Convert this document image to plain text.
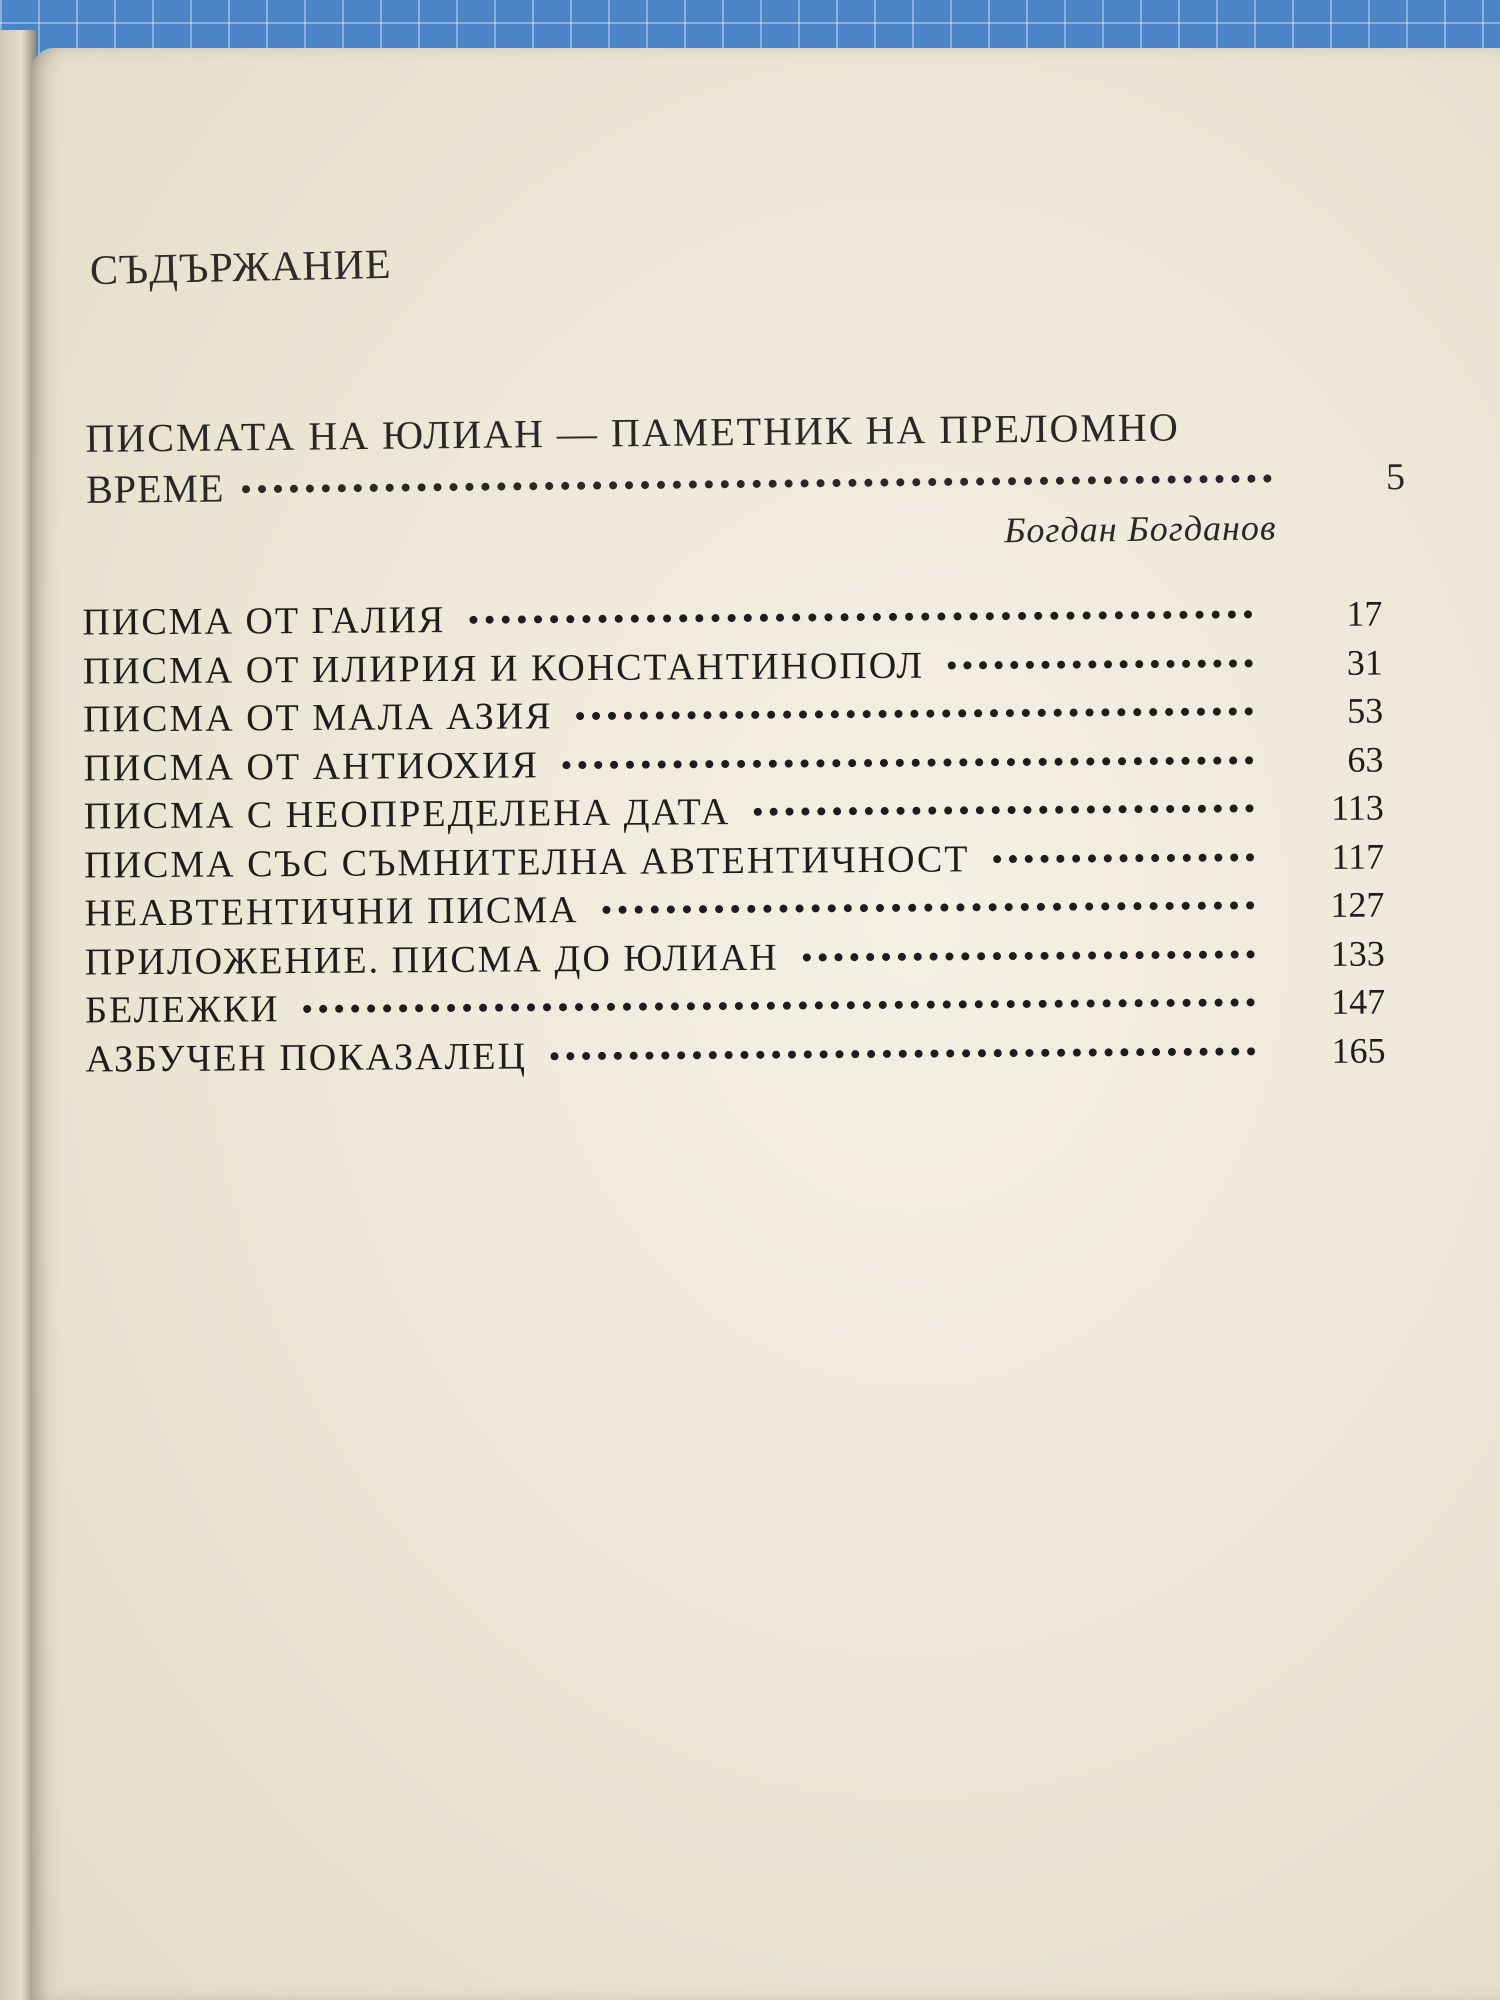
СЪДЪРЖАНИЕ
ПИСМАТА НА ЮЛИАН — ПАМЕТНИК НА ПРЕЛОМНО
ВРЕМЕ	5
Богдан Богданов
ПИСМА ОТ ГАЛИЯ	17
ПИСМА ОТ ИЛИРИЯ И КОНСТАНТИНОПОЛ	31
ПИСМА ОТ МАЛА АЗИЯ	53
ПИСМА ОТ АНТИОХИЯ	63
ПИСМА С НЕОПРЕДЕЛЕНА ДАТА	113
ПИСМА СЪС СЪМНИТЕЛНА АВТЕНТИЧНОСТ	117
НЕАВТЕНТИЧНИ ПИСМА	127
ПРИЛОЖЕНИЕ. ПИСМА ДО ЮЛИАН	133
БЕЛЕЖКИ	147
АЗБУЧЕН ПОКАЗАЛЕЦ	165
